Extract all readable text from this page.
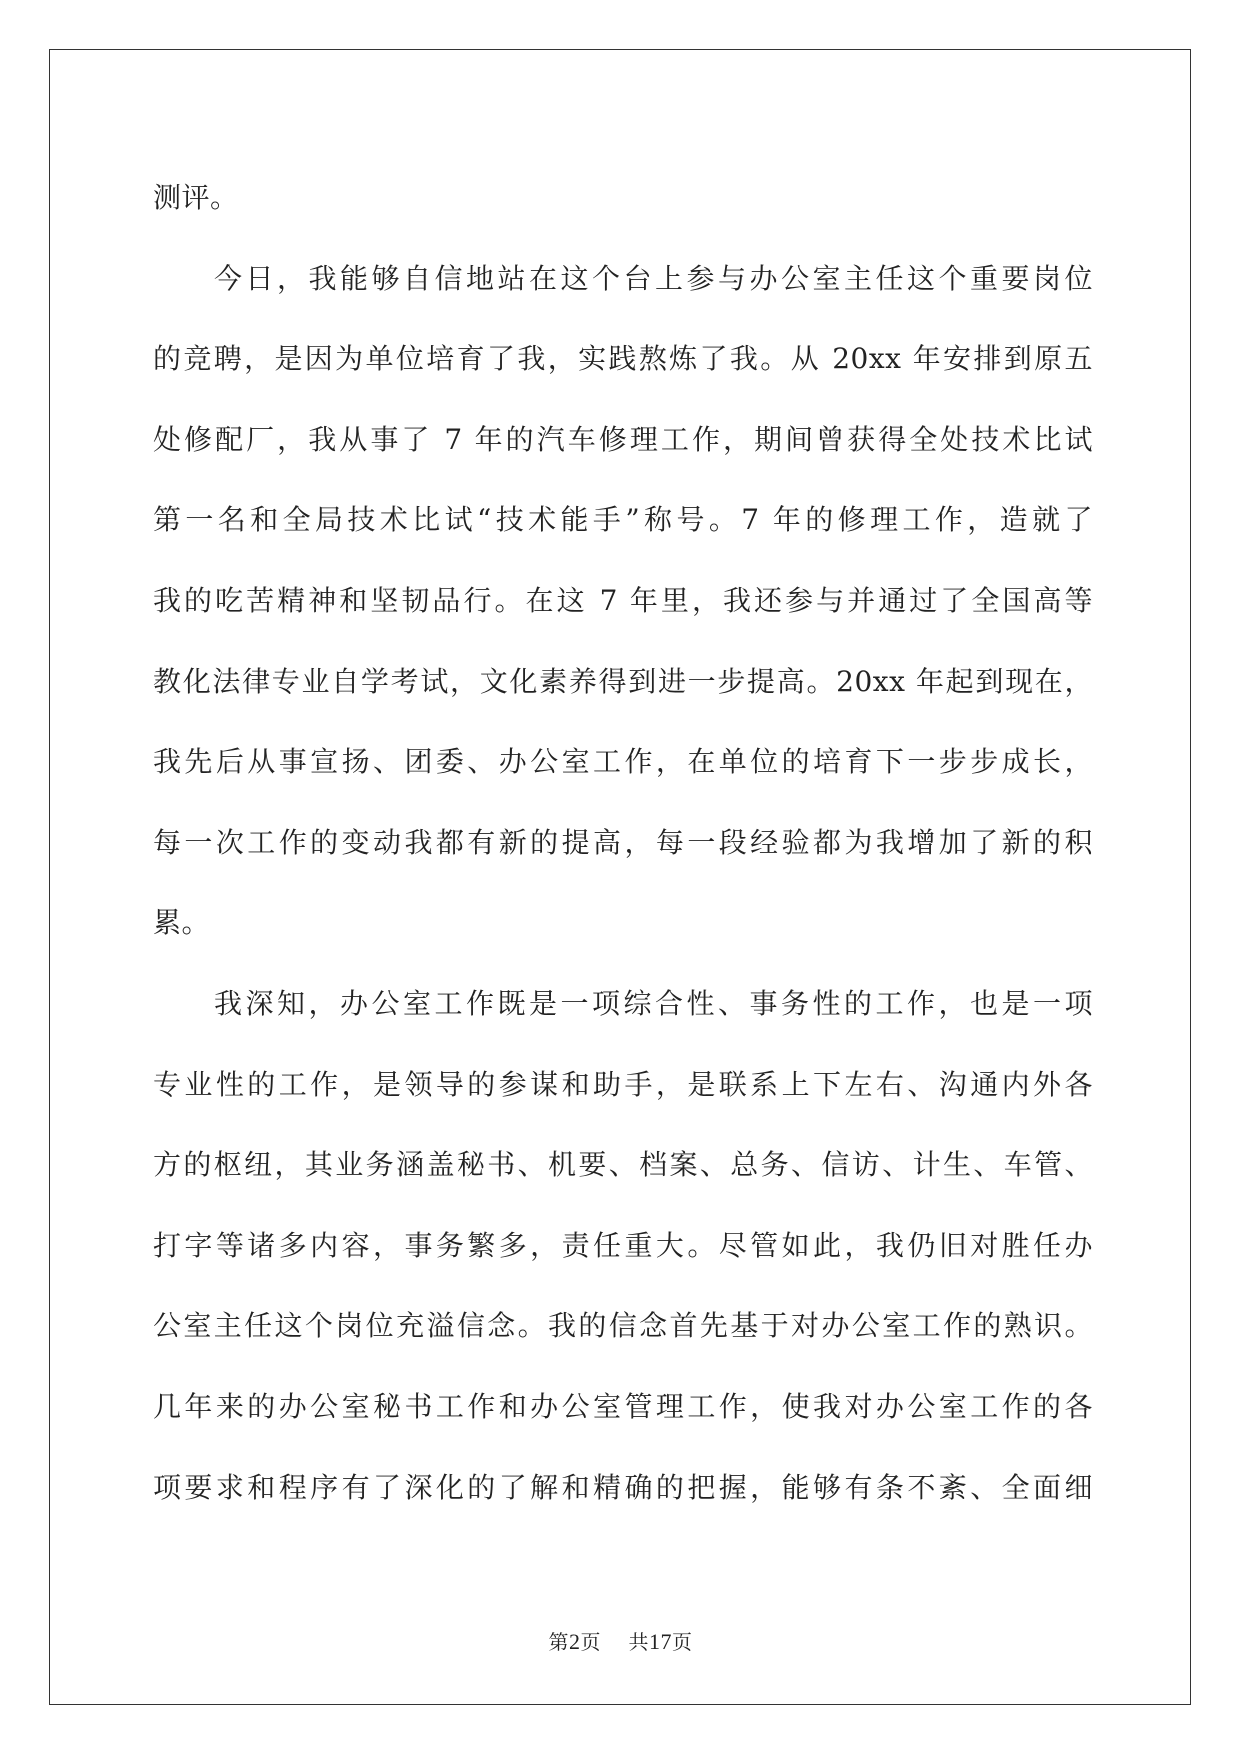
测评。
今日，我能够自信地站在这个台上参与办公室主任这个重要岗位
的竞聘，是因为单位培育了我，实践熬炼了我。从 20xx 年安排到原五
处修配厂，我从事了 7 年的汽车修理工作，期间曾获得全处技术比试
第一名和全局技术比试“技术能手”称号。7 年的修理工作，造就了
我的吃苦精神和坚韧品行。在这 7 年里，我还参与并通过了全国高等
教化法律专业自学考试，文化素养得到进一步提高。20xx 年起到现在，
我先后从事宣扬、团委、办公室工作，在单位的培育下一步步成长，
每一次工作的变动我都有新的提高，每一段经验都为我增加了新的积
累。
我深知，办公室工作既是一项综合性、事务性的工作，也是一项
专业性的工作，是领导的参谋和助手，是联系上下左右、沟通内外各
方的枢纽，其业务涵盖秘书、机要、档案、总务、信访、计生、车管、
打字等诸多内容，事务繁多，责任重大。尽管如此，我仍旧对胜任办
公室主任这个岗位充溢信念。我的信念首先基于对办公室工作的熟识。
几年来的办公室秘书工作和办公室管理工作，使我对办公室工作的各
项要求和程序有了深化的了解和精确的把握，能够有条不紊、全面细
第2页 共17页
